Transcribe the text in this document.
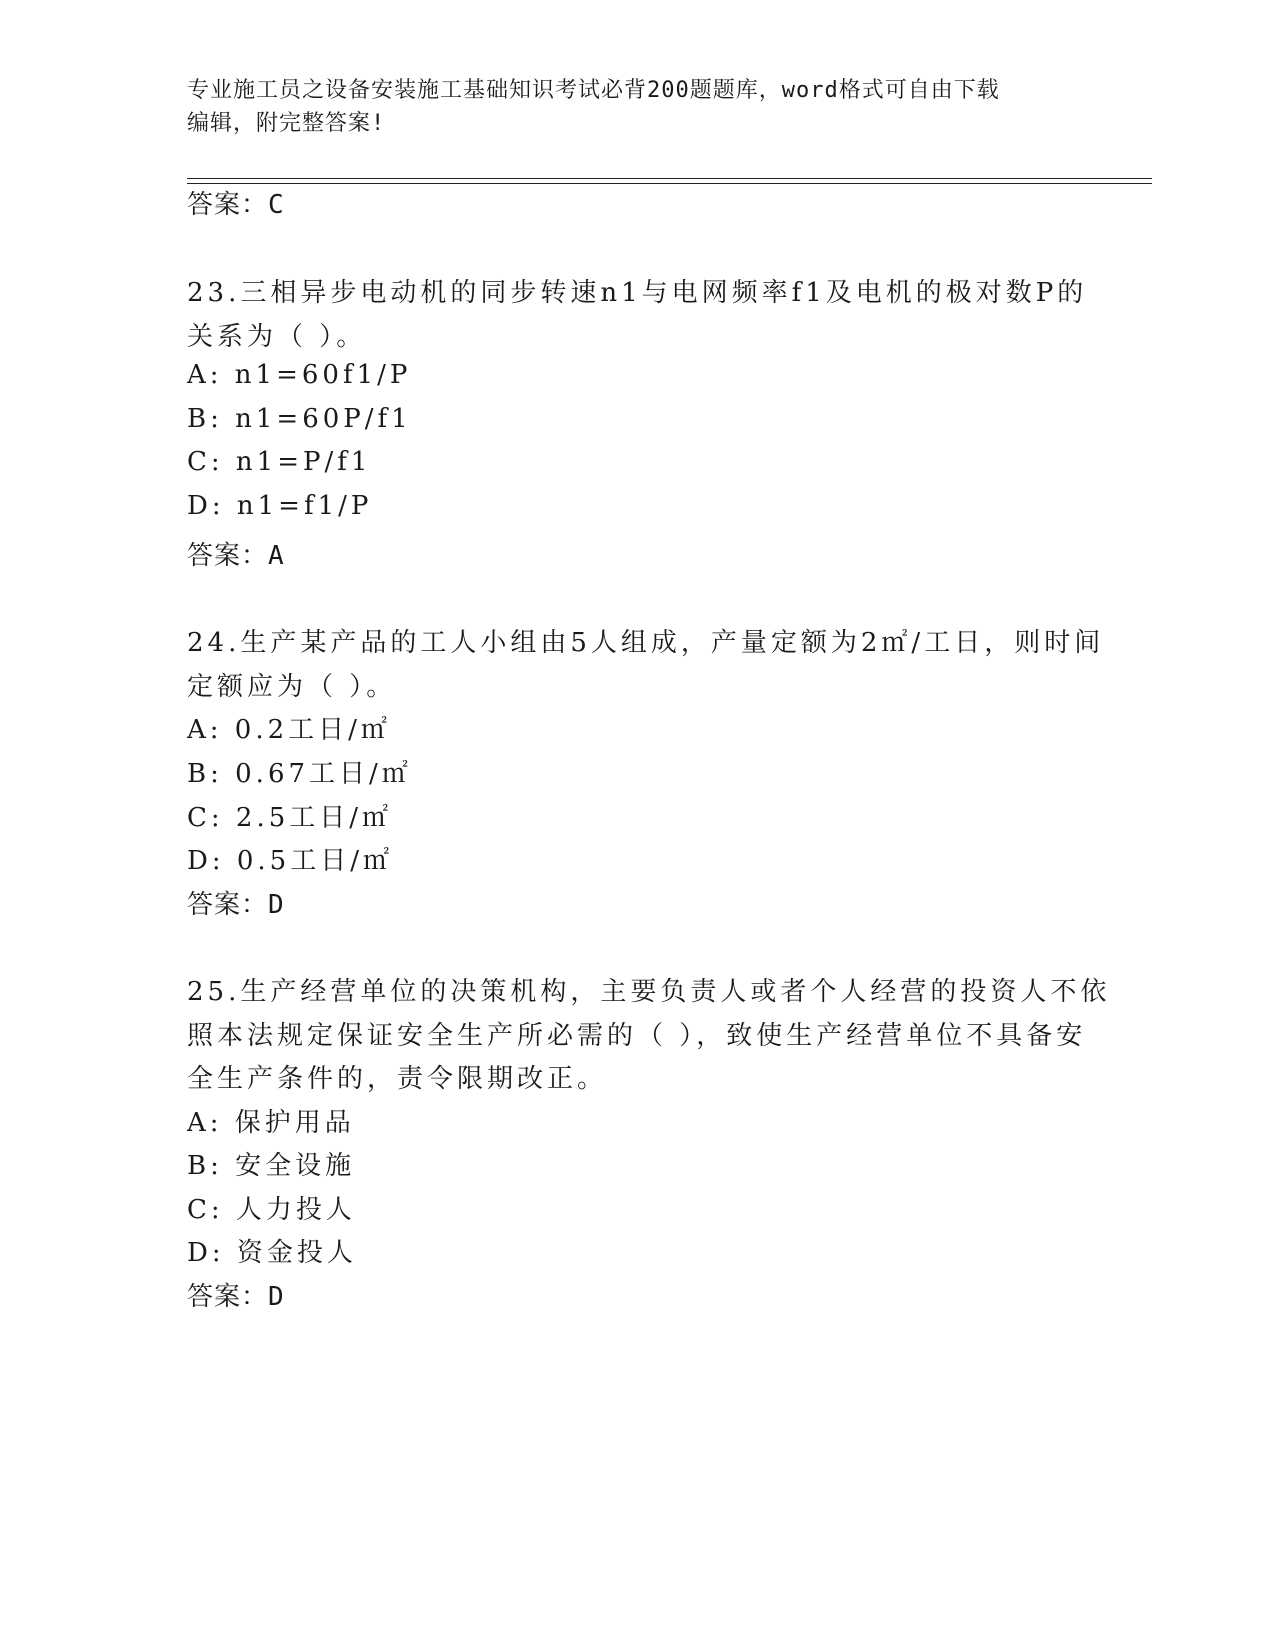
专业施工员之设备安装施工基础知识考试必背200题题库，word格式可自由下载
编辑，附完整答案!
答案：C
23.三相异步电动机的同步转速n1与电网频率f1及电机的极对数P的
关系为（ ）。
A: n1=60f1/P
B: n1=60P/f1
C: n1=P/f1
D: n1=f1/P
答案：A
24.生产某产品的工人小组由5人组成，产量定额为2㎡/工日，则时间
定额应为（ ）。
A: 0.2工日/㎡
B: 0.67工日/㎡
C: 2.5工日/㎡
D: 0.5工日/㎡
答案：D
25.生产经营单位的决策机构，主要负责人或者个人经营的投资人不依
照本法规定保证安全生产所必需的（ ），致使生产经营单位不具备安
全生产条件的，责令限期改正。
A: 保护用品
B: 安全设施
C: 人力投人
D: 资金投人
答案：D
